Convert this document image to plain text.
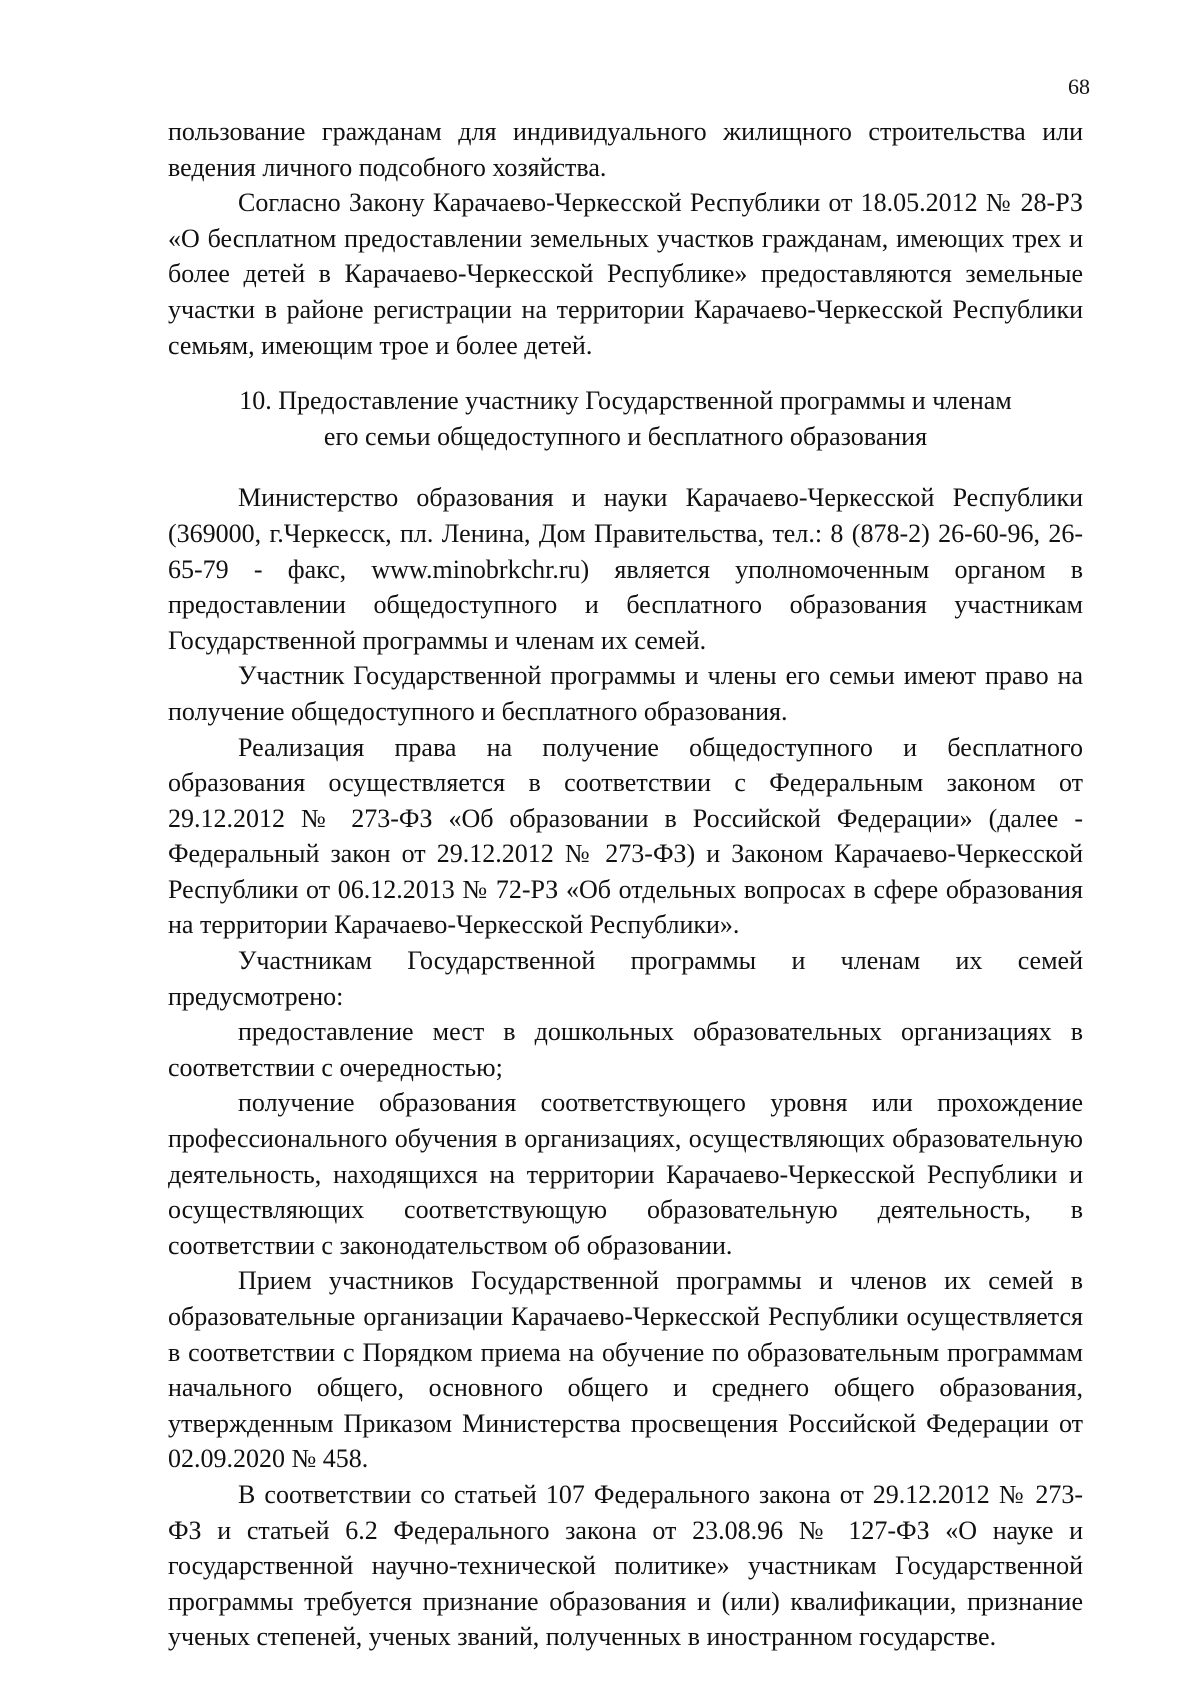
68

пользование гражданам для индивидуального жилищного строительства или ведения личного подсобного хозяйства.

Согласно Закону Карачаево-Черкесской Республики от 18.05.2012 № 28-РЗ «О бесплатном предоставлении земельных участков гражданам, имеющих трех и более детей в Карачаево-Черкесской Республике» предоставляются земельные участки в районе регистрации на территории Карачаево-Черкесской Республики семьям, имеющим трое и более детей.

10. Предоставление участнику Государственной программы и членам
его семьи общедоступного и бесплатного образования

Министерство образования и науки Карачаево-Черкесской Республики (369000, г.Черкесск, пл. Ленина, Дом Правительства, тел.: 8 (878-2) 26-60-96, 26-65-79 - факс, www.minobrkchr.ru) является уполномоченным органом в предоставлении общедоступного и бесплатного образования участникам Государственной программы и членам их семей.

Участник Государственной программы и члены его семьи имеют право на получение общедоступного и бесплатного образования.

Реализация права на получение общедоступного и бесплатного образования осуществляется в соответствии с Федеральным законом от 29.12.2012 № 273-ФЗ «Об образовании в Российской Федерации» (далее - Федеральный закон от 29.12.2012 № 273-ФЗ) и Законом Карачаево-Черкесской Республики от 06.12.2013 № 72-РЗ «Об отдельных вопросах в сфере образования на территории Карачаево-Черкесской Республики».

Участникам Государственной программы и членам их семей предусмотрено:

предоставление мест в дошкольных образовательных организациях в соответствии с очередностью;

получение образования соответствующего уровня или прохождение профессионального обучения в организациях, осуществляющих образовательную деятельность, находящихся на территории Карачаево-Черкесской Республики и осуществляющих соответствующую образовательную деятельность, в соответствии с законодательством об образовании.

Прием участников Государственной программы и членов их семей в образовательные организации Карачаево-Черкесской Республики осуществляется в соответствии с Порядком приема на обучение по образовательным программам начального общего, основного общего и среднего общего образования, утвержденным Приказом Министерства просвещения Российской Федерации от 02.09.2020 № 458.

В соответствии со статьей 107 Федерального закона от 29.12.2012 № 273-ФЗ и статьей 6.2 Федерального закона от 23.08.96 № 127-ФЗ «О науке и государственной научно-технической политике» участникам Государственной программы требуется признание образования и (или) квалификации, признание ученых степеней, ученых званий, полученных в иностранном государстве.
